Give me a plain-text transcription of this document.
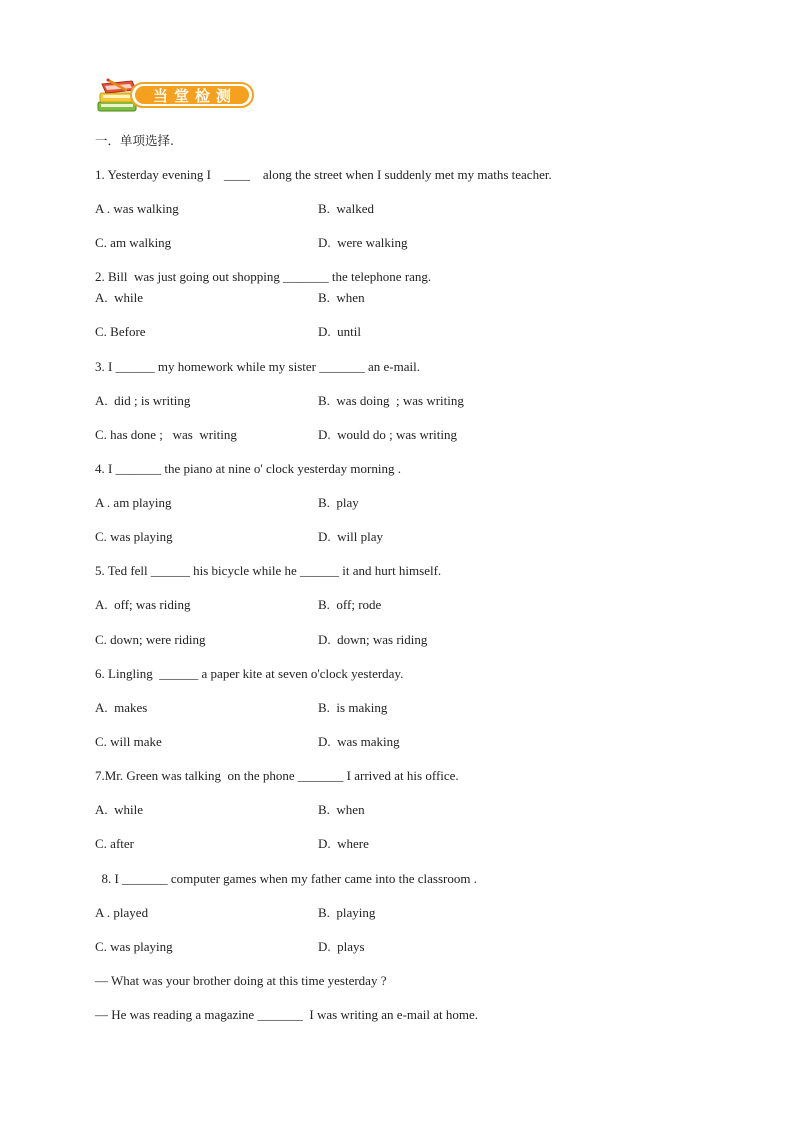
当堂检测
一．单项选择.
1. Yesterday evening I    ____    along the street when I suddenly met my maths teacher.
A . was walking	B.  walked
C. am walking	D.  were walking
2. Bill  was just going out shopping _______ the telephone rang.
A.  while	B.  when
C. Before	D.  until
3. I ______ my homework while my sister _______ an e-mail.
A.  did ; is writing	B.  was doing  ; was writing
C. has done ;   was  writing	D.  would do ; was writing
4. I _______ the piano at nine o' clock yesterday morning .
A . am playing	B.  play
C. was playing	D.  will play
5. Ted fell ______ his bicycle while he ______ it and hurt himself.
A.  off; was riding	B.  off; rode
C. down; were riding	D.  down; was riding
6. Lingling  ______ a paper kite at seven o'clock yesterday.
A.  makes	B.  is making
C. will make	D.  was making
7.Mr. Green was talking  on the phone _______ I arrived at his office.
A.  while	B.  when
C. after	D.  where
8. I _______ computer games when my father came into the classroom .
A . played	B.  playing
C. was playing	D.  plays
— What was your brother doing at this time yesterday ?
— He was reading a magazine _______  I was writing an e-mail at home.
